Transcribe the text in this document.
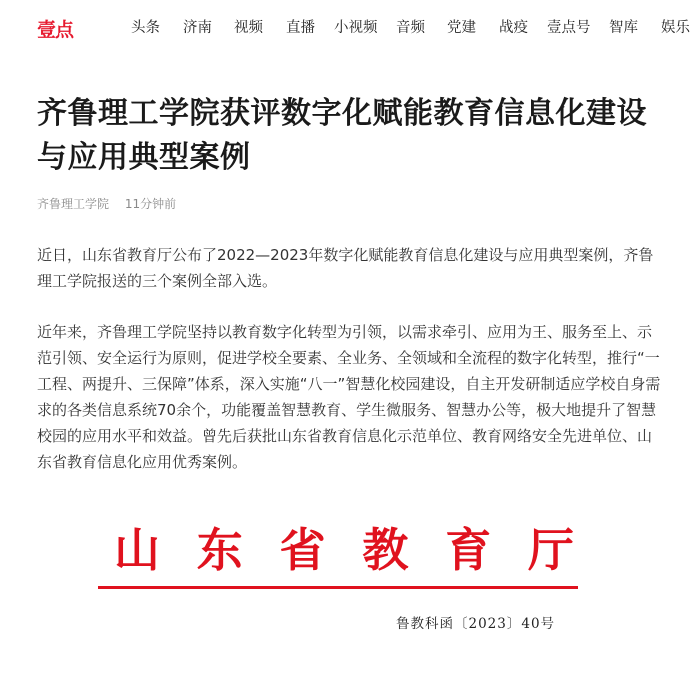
壹点	头条 济南 视频 直播 小视频 音频 党建 战疫 壹点号 智库 娱乐
齐鲁理工学院获评数字化赋能教育信息化建设与应用典型案例
齐鲁理工学院 11分钟前

近日，山东省教育厅公布了2022—2023年数字化赋能教育信息化建设与应用典型案例，齐鲁理工学院报送的三个案例全部入选。

近年来，齐鲁理工学院坚持以教育数字化转型为引领，以需求牵引、应用为王、服务至上、示范引领、安全运行为原则，促进学校全要素、全业务、全领域和全流程的数字化转型，推行“一工程、两提升、三保障”体系，深入实施“八一”智慧化校园建设，自主开发研制适应学校自身需求的各类信息系统70余个，功能覆盖智慧教育、学生微服务、智慧办公等，极大地提升了智慧校园的应用水平和效益。曾先后获批山东省教育信息化示范单位、教育网络安全先进单位、山东省教育信息化应用优秀案例。

山 东 省 教 育 厅
鲁教科函〔2023〕40号
